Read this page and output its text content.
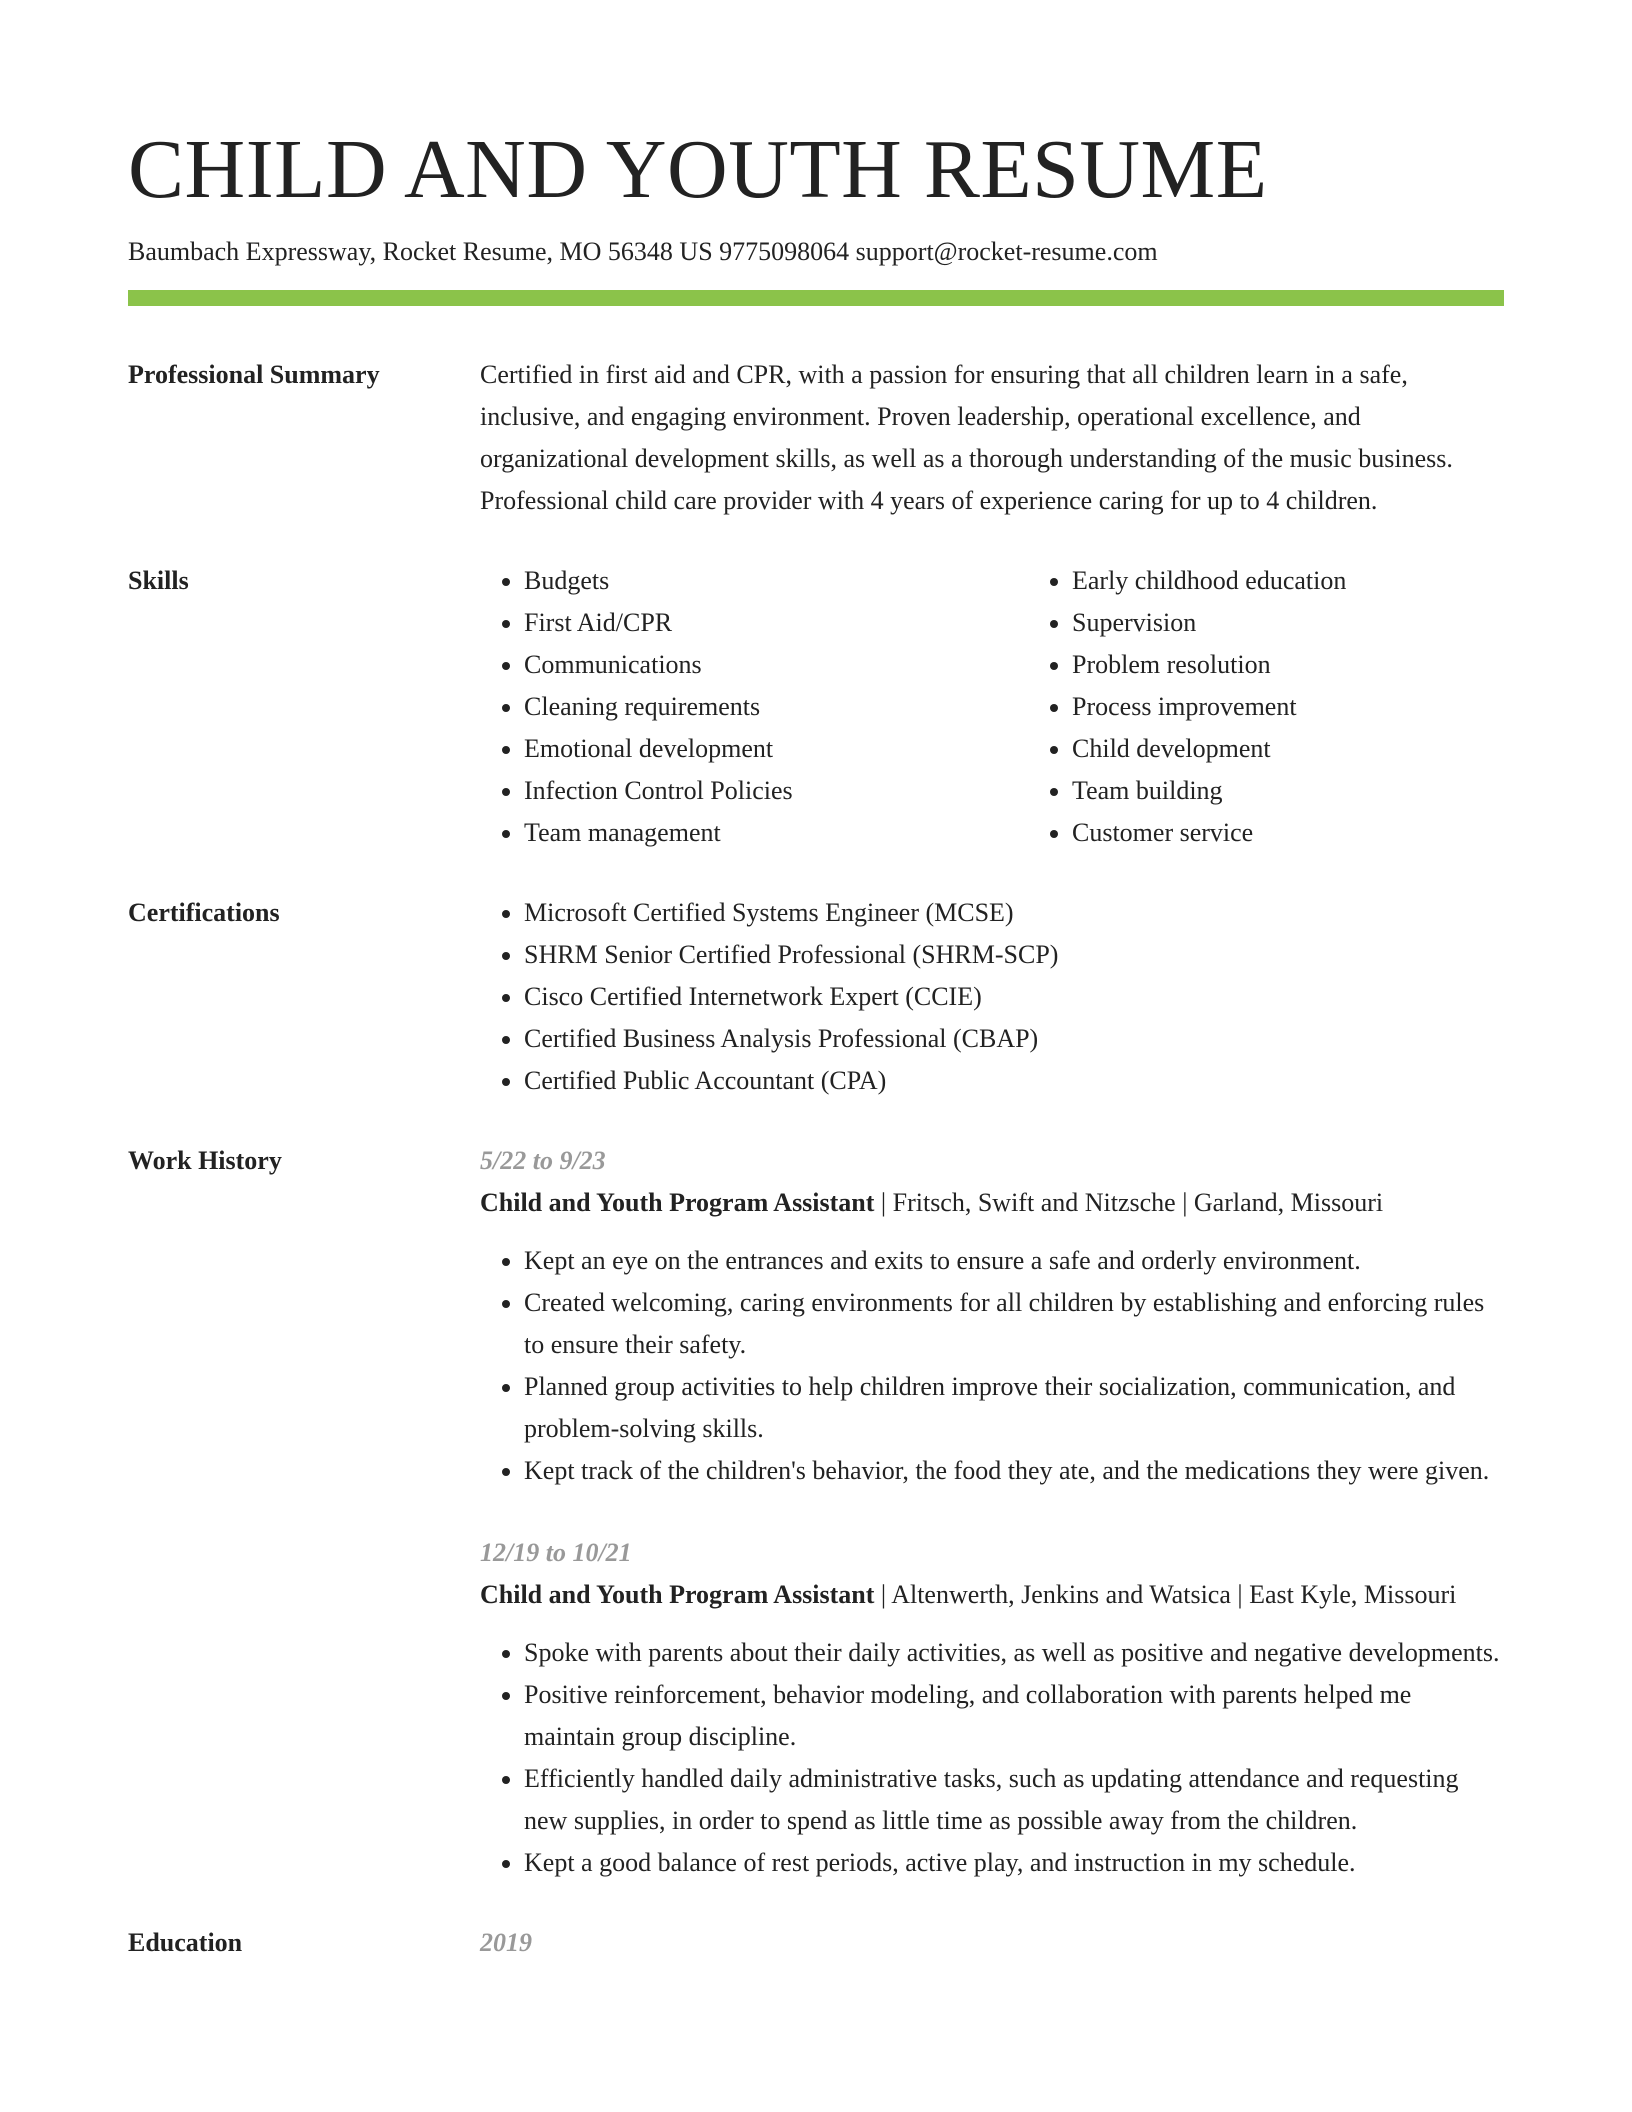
CHILD AND YOUTH RESUME
Baumbach Expressway, Rocket Resume, MO 56348 US 9775098064 support@rocket-resume.com
Professional Summary	Certified in first aid and CPR, with a passion for ensuring that all children learn in a safe, inclusive, and engaging environment. Proven leadership, operational excellence, and organizational development skills, as well as a thorough understanding of the music business. Professional child care provider with 4 years of experience caring for up to 4 children.

Skills	• Budgets
• First Aid/CPR
• Communications
• Cleaning requirements
• Emotional development
• Infection Control Policies
• Team management
• Early childhood education
• Supervision
• Problem resolution
• Process improvement
• Child development
• Team building
• Customer service
Certifications	• Microsoft Certified Systems Engineer (MCSE)
• SHRM Senior Certified Professional (SHRM-SCP)
• Cisco Certified Internetwork Expert (CCIE)
• Certified Business Analysis Professional (CBAP)
• Certified Public Accountant (CPA)
Work History	5/22 to 9/23
Child and Youth Program Assistant | Fritsch, Swift and Nitzsche | Garland, Missouri
• Kept an eye on the entrances and exits to ensure a safe and orderly environment.
• Created welcoming, caring environments for all children by establishing and enforcing rules to ensure their safety.
• Planned group activities to help children improve their socialization, communication, and problem-solving skills.
• Kept track of the children's behavior, the food they ate, and the medications they were given.
12/19 to 10/21
Child and Youth Program Assistant | Altenwerth, Jenkins and Watsica | East Kyle, Missouri
• Spoke with parents about their daily activities, as well as positive and negative developments.
• Positive reinforcement, behavior modeling, and collaboration with parents helped me maintain group discipline.
• Efficiently handled daily administrative tasks, such as updating attendance and requesting new supplies, in order to spend as little time as possible away from the children.
• Kept a good balance of rest periods, active play, and instruction in my schedule.
Education	2019
